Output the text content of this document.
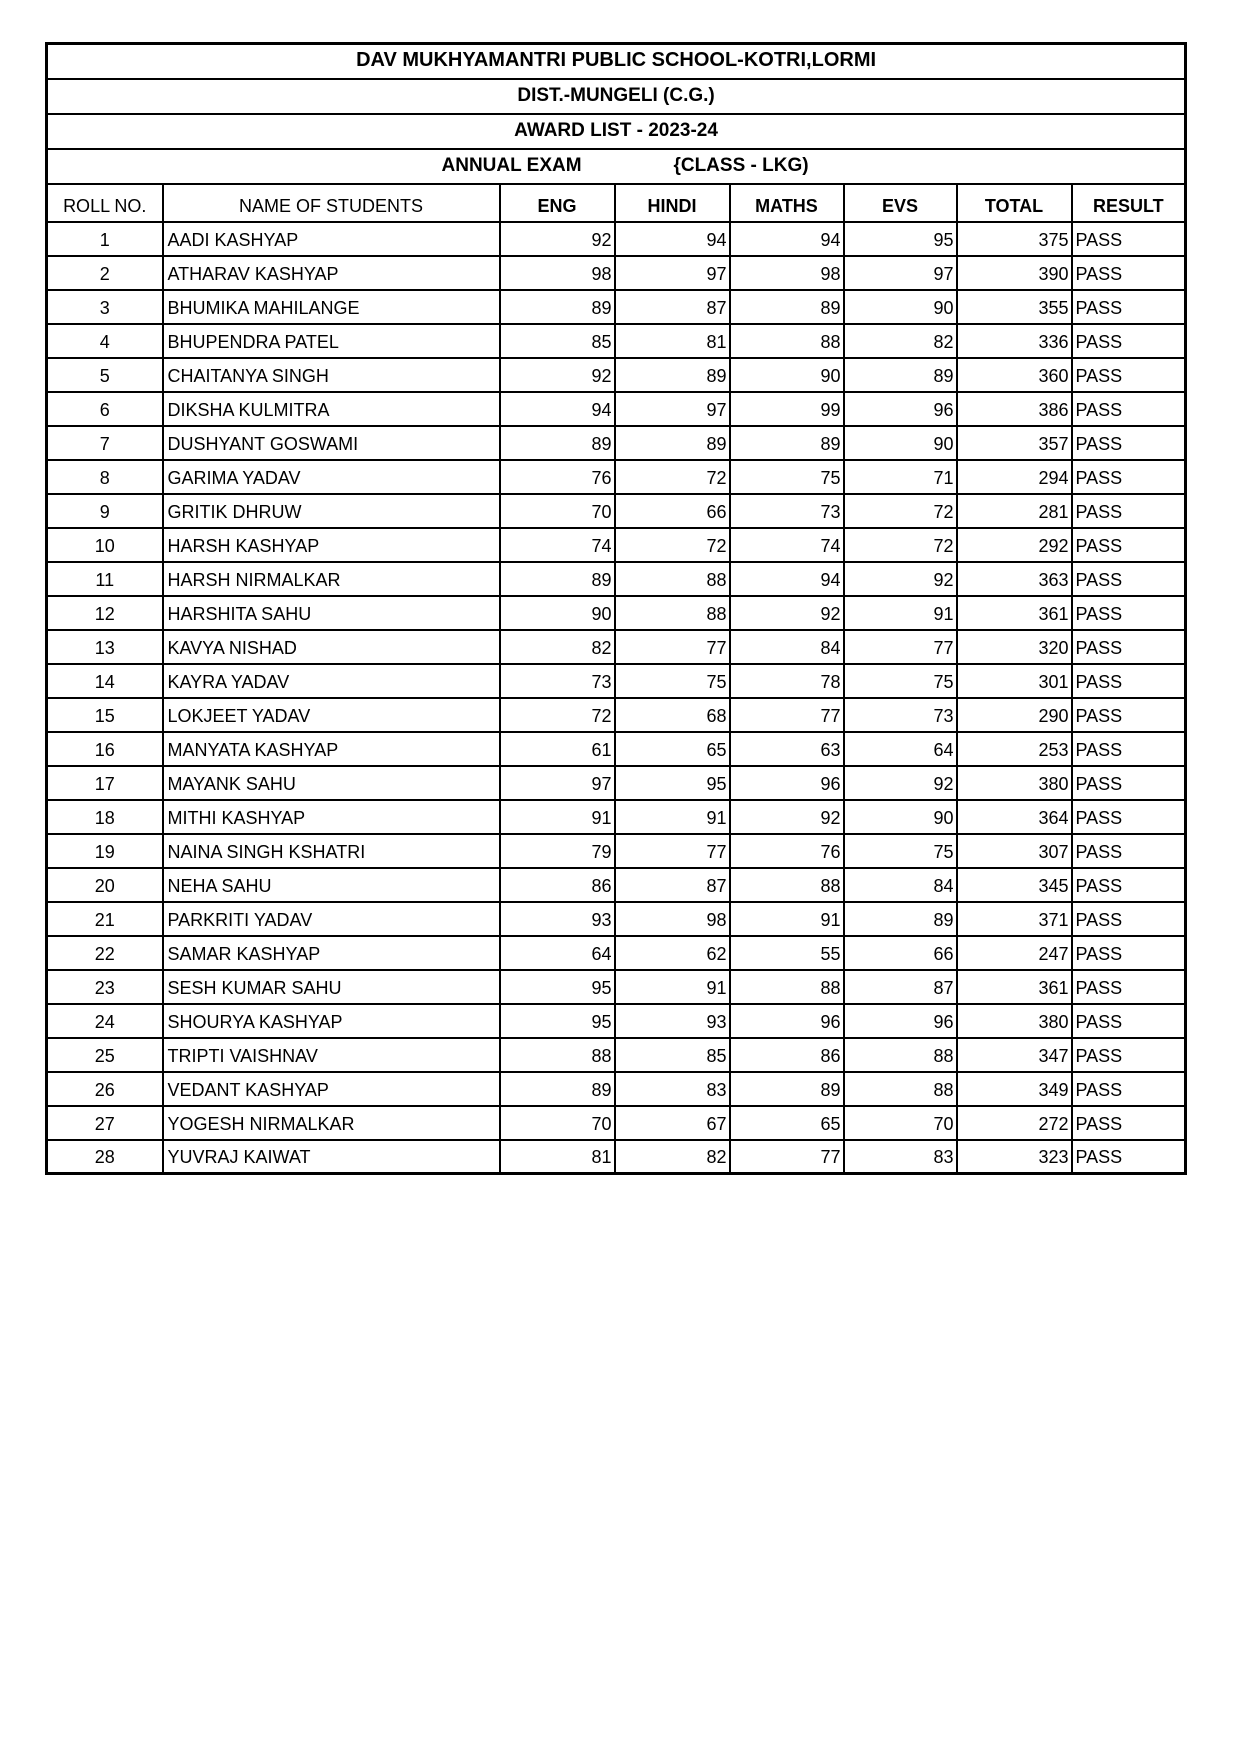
DAV MUKHYAMANTRI PUBLIC SCHOOL-KOTRI,LORMI							
DIST.-MUNGELI (C.G.)							
AWARD LIST - 2023-24							

ANNUAL EXAM {CLASS - LKG)							

ROLL NO.	NAME OF STUDENTS	ENG	HINDI	MATHS	EVS	TOTAL	RESULT
1	AADI KASHYAP	92	94	94	95	375	PASS
2	ATHARAV KASHYAP	98	97	98	97	390	PASS
3	BHUMIKA MAHILANGE	89	87	89	90	355	PASS
4	BHUPENDRA PATEL	85	81	88	82	336	PASS
5	CHAITANYA SINGH	92	89	90	89	360	PASS
6	DIKSHA KULMITRA	94	97	99	96	386	PASS
7	DUSHYANT GOSWAMI	89	89	89	90	357	PASS
8	GARIMA YADAV	76	72	75	71	294	PASS
9	GRITIK DHRUW	70	66	73	72	281	PASS
10	HARSH KASHYAP	74	72	74	72	292	PASS
11	HARSH NIRMALKAR	89	88	94	92	363	PASS
12	HARSHITA SAHU	90	88	92	91	361	PASS
13	KAVYA NISHAD	82	77	84	77	320	PASS
14	KAYRA YADAV	73	75	78	75	301	PASS
15	LOKJEET YADAV	72	68	77	73	290	PASS
16	MANYATA KASHYAP	61	65	63	64	253	PASS
17	MAYANK SAHU	97	95	96	92	380	PASS
18	MITHI KASHYAP	91	91	92	90	364	PASS
19	NAINA SINGH KSHATRI	79	77	76	75	307	PASS
20	NEHA SAHU	86	87	88	84	345	PASS
21	PARKRITI YADAV	93	98	91	89	371	PASS
22	SAMAR KASHYAP	64	62	55	66	247	PASS
23	SESH KUMAR SAHU	95	91	88	87	361	PASS
24	SHOURYA KASHYAP	95	93	96	96	380	PASS
25	TRIPTI VAISHNAV	88	85	86	88	347	PASS
26	VEDANT KASHYAP	89	83	89	88	349	PASS
27	YOGESH NIRMALKAR	70	67	65	70	272	PASS
28	YUVRAJ KAIWAT	81	82	77	83	323	PASS
